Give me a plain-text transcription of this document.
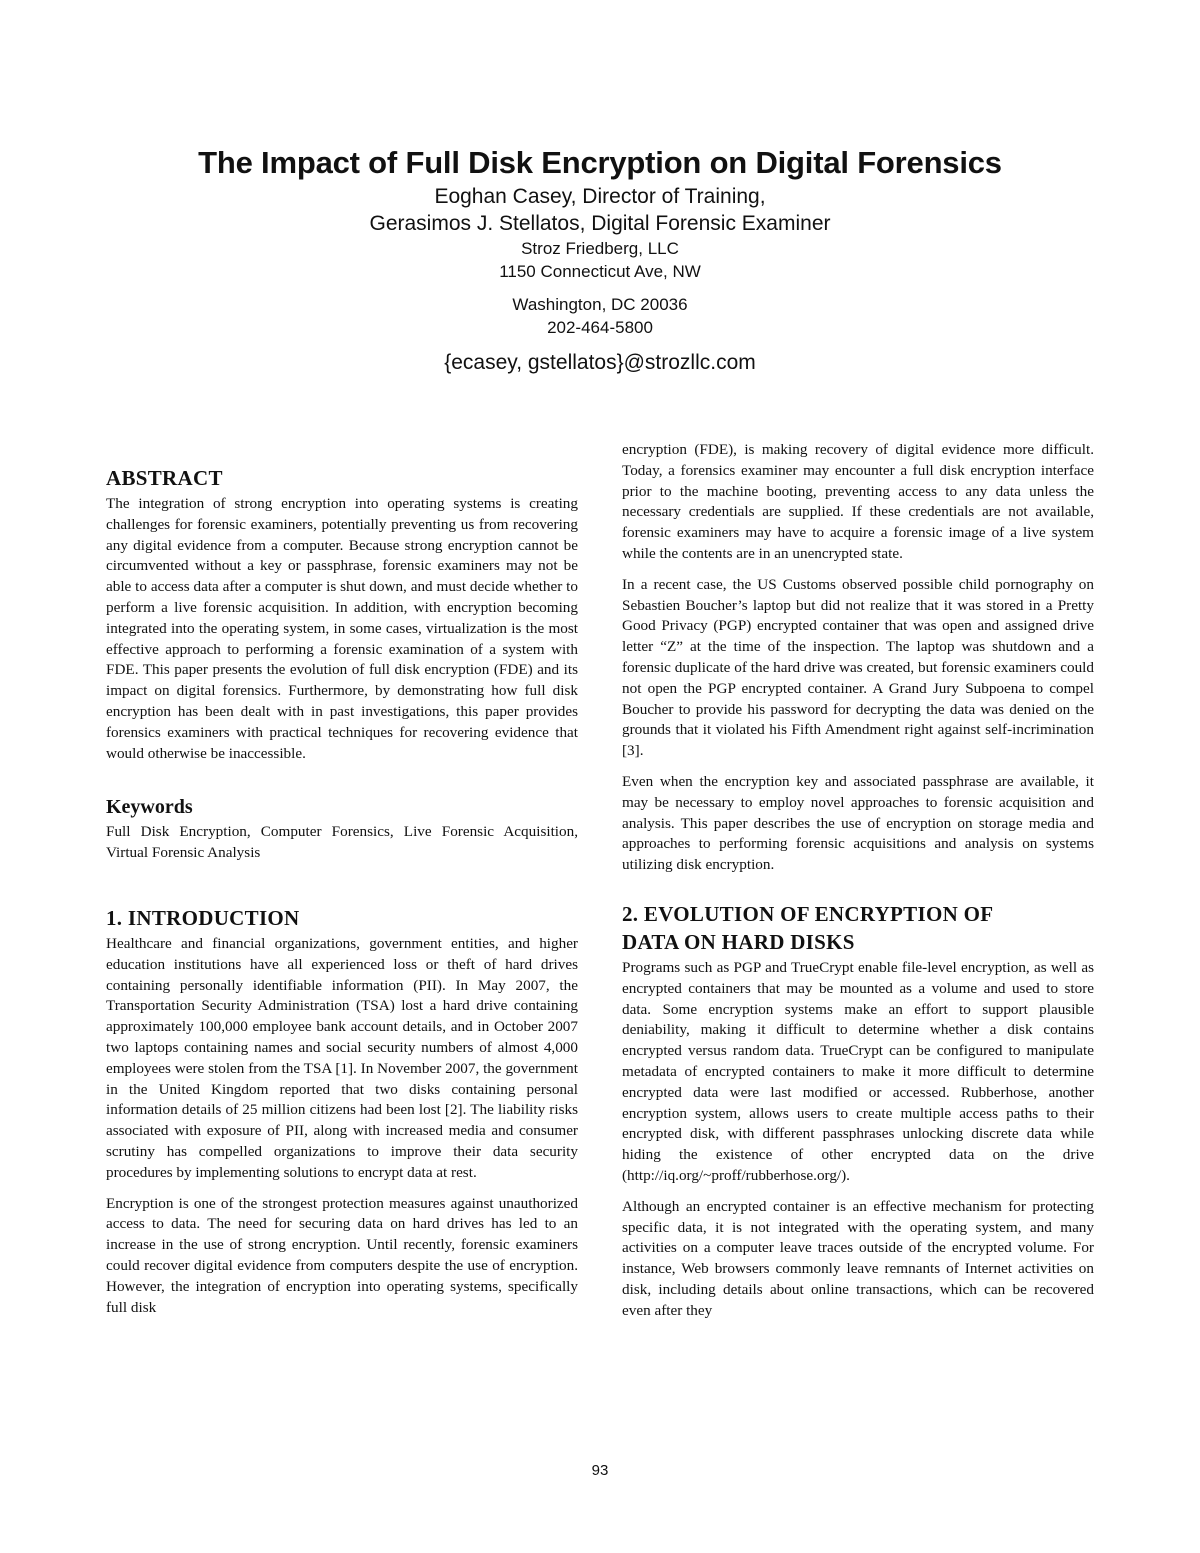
The Impact of Full Disk Encryption on Digital Forensics
Eoghan Casey, Director of Training,
Gerasimos J. Stellatos, Digital Forensic Examiner
Stroz Friedberg, LLC
1150 Connecticut Ave, NW
Washington, DC 20036
202-464-5800
{ecasey, gstellatos}@strozllc.com
ABSTRACT

The integration of strong encryption into operating systems is creating challenges for forensic examiners, potentially preventing us from recovering any digital evidence from a computer. Because strong encryption cannot be circumvented without a key or passphrase, forensic examiners may not be able to access data after a computer is shut down, and must decide whether to perform a live forensic acquisition. In addition, with encryption becoming integrated into the operating system, in some cases, virtualization is the most effective approach to performing a forensic examination of a system with FDE. This paper presents the evolution of full disk encryption (FDE) and its impact on digital forensics. Furthermore, by demonstrating how full disk encryption has been dealt with in past investigations, this paper provides forensics examiners with practical techniques for recovering evidence that would otherwise be inaccessible.

Keywords

Full Disk Encryption, Computer Forensics, Live Forensic Acquisition, Virtual Forensic Analysis

1. INTRODUCTION

Healthcare and financial organizations, government entities, and higher education institutions have all experienced loss or theft of hard drives containing personally identifiable information (PII). In May 2007, the Transportation Security Administration (TSA) lost a hard drive containing approximately 100,000 employee bank account details, and in October 2007 two laptops containing names and social security numbers of almost 4,000 employees were stolen from the TSA [1]. In November 2007, the government in the United Kingdom reported that two disks containing personal information details of 25 million citizens had been lost [2]. The liability risks associated with exposure of PII, along with increased media and consumer scrutiny has compelled organizations to improve their data security procedures by implementing solutions to encrypt data at rest.

Encryption is one of the strongest protection measures against unauthorized access to data. The need for securing data on hard drives has led to an increase in the use of strong encryption. Until recently, forensic examiners could recover digital evidence from computers despite the use of encryption. However, the integration of encryption into operating systems, specifically full disk

encryption (FDE), is making recovery of digital evidence more difficult. Today, a forensics examiner may encounter a full disk encryption interface prior to the machine booting, preventing access to any data unless the necessary credentials are supplied. If these credentials are not available, forensic examiners may have to acquire a forensic image of a live system while the contents are in an unencrypted state.

In a recent case, the US Customs observed possible child pornography on Sebastien Boucher’s laptop but did not realize that it was stored in a Pretty Good Privacy (PGP) encrypted container that was open and assigned drive letter “Z” at the time of the inspection. The laptop was shutdown and a forensic duplicate of the hard drive was created, but forensic examiners could not open the PGP encrypted container. A Grand Jury Subpoena to compel Boucher to provide his password for decrypting the data was denied on the grounds that it violated his Fifth Amendment right against self-incrimination [3].

Even when the encryption key and associated passphrase are available, it may be necessary to employ novel approaches to forensic acquisition and analysis. This paper describes the use of encryption on storage media and approaches to performing forensic acquisitions and analysis on systems utilizing disk encryption.

2. EVOLUTION OF ENCRYPTION OF
DATA ON HARD DISKS

Programs such as PGP and TrueCrypt enable file-level encryption, as well as encrypted containers that may be mounted as a volume and used to store data. Some encryption systems make an effort to support plausible deniability, making it difficult to determine whether a disk contains encrypted versus random data. TrueCrypt can be configured to manipulate metadata of encrypted containers to make it more difficult to determine encrypted data were last modified or accessed. Rubberhose, another encryption system, allows users to create multiple access paths to their encrypted disk, with different passphrases unlocking discrete data while hiding the existence of other encrypted data on the drive (http://iq.org/~proff/rubberhose.org/).

Although an encrypted container is an effective mechanism for protecting specific data, it is not integrated with the operating system, and many activities on a computer leave traces outside of the encrypted volume. For instance, Web browsers commonly leave remnants of Internet activities on disk, including details about online transactions, which can be recovered even after they

93
